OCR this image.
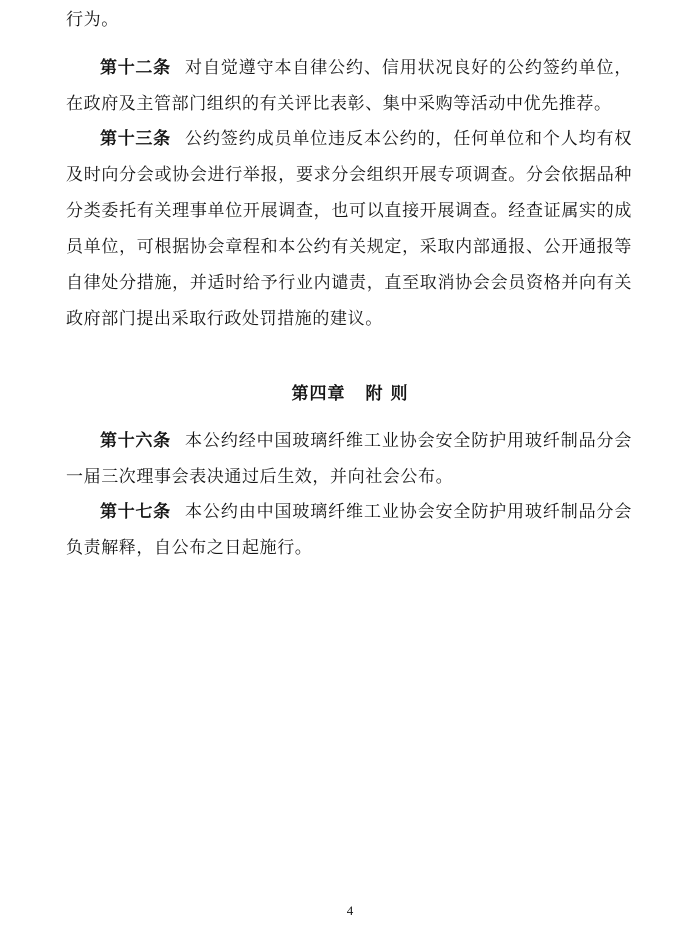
行为。

第十二条 对自觉遵守本自律公约、信用状况良好的公约签约单位，在政府及主管部门组织的有关评比表彰、集中采购等活动中优先推荐。

第十三条 公约签约成员单位违反本公约的，任何单位和个人均有权及时向分会或协会进行举报，要求分会组织开展专项调查。分会依据品种分类委托有关理事单位开展调查，也可以直接开展调查。经查证属实的成员单位，可根据协会章程和本公约有关规定，采取内部通报、公开通报等自律处分措施，并适时给予行业内谴责，直至取消协会会员资格并向有关政府部门提出采取行政处罚措施的建议。

第四章 附 则

第十六条 本公约经中国玻璃纤维工业协会安全防护用玻纤制品分会一届三次理事会表决通过后生效，并向社会公布。

第十七条 本公约由中国玻璃纤维工业协会安全防护用玻纤制品分会负责解释，自公布之日起施行。

4
